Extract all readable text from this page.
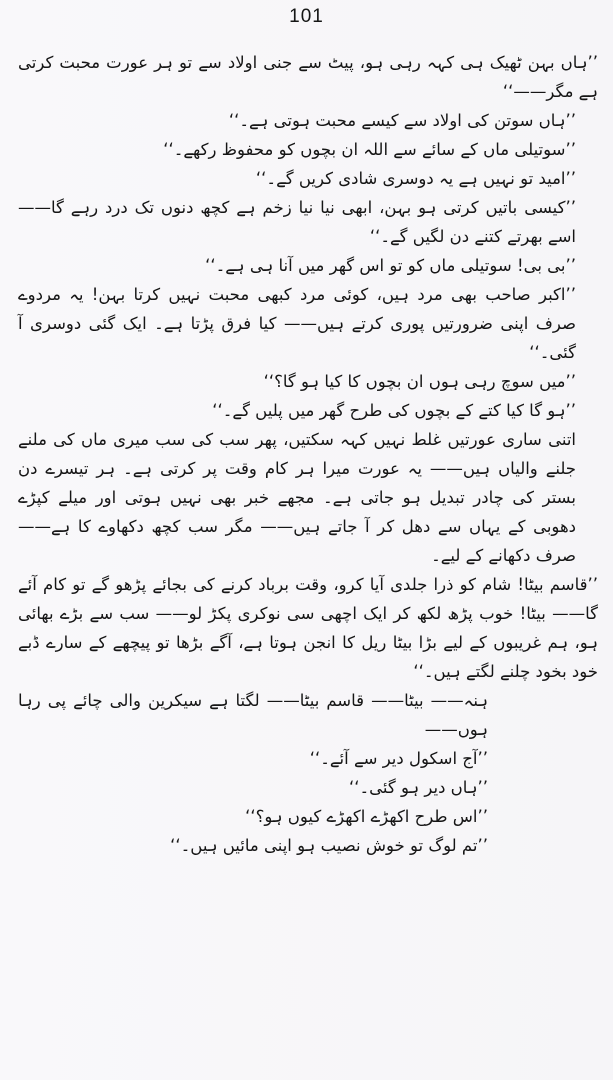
101

’’ہاں بہن ٹھیک ہی کہہ رہی ہو، پیٹ سے جنی اولاد سے تو ہر عورت محبت کرتی ہے مگر——‘‘

’’ہاں سوتن کی اولاد سے کیسے محبت ہوتی ہے۔‘‘

’’سوتیلی ماں کے سائے سے اللہ ان بچوں کو محفوظ رکھے۔‘‘

’’امید تو نہیں ہے یہ دوسری شادی کریں گے۔‘‘

’’کیسی باتیں کرتی ہو بہن، ابھی نیا نیا زخم ہے کچھ دنوں تک درد رہے گا—— اسے بھرتے کتنے دن لگیں گے۔‘‘

’’بی بی! سوتیلی ماں کو تو اس گھر میں آنا ہی ہے۔‘‘

’’اکبر صاحب بھی مرد ہیں، کوئی مرد کبھی محبت نہیں کرتا بہن! یہ مردوے صرف اپنی ضرورتیں پوری کرتے ہیں—— کیا فرق پڑتا ہے۔ ایک گئی دوسری آ گئی۔‘‘

’’میں سوچ رہی ہوں ان بچوں کا کیا ہو گا؟‘‘

’’ہو گا کیا کتے کے بچوں کی طرح گھر میں پلیں گے۔‘‘

اتنی ساری عورتیں غلط نہیں کہہ سکتیں، پھر سب کی سب میری ماں کی ملنے جلنے والیاں ہیں—— یہ عورت میرا ہر کام وقت پر کرتی ہے۔ ہر تیسرے دن بستر کی چادر تبدیل ہو جاتی ہے۔ مجھے خبر بھی نہیں ہوتی اور میلے کپڑے دھوبی کے یہاں سے دھل کر آ جاتے ہیں—— مگر سب کچھ دکھاوے کا ہے—— صرف دکھانے کے لیے۔

’’قاسم بیٹا! شام کو ذرا جلدی آیا کرو، وقت برباد کرنے کی بجائے پڑھو گے تو کام آئے گا—— بیٹا! خوب پڑھ لکھ کر ایک اچھی سی نوکری پکڑ لو—— سب سے بڑے بھائی ہو، ہم غریبوں کے لیے بڑا بیٹا ریل کا انجن ہوتا ہے، آگے بڑھا تو پیچھے کے سارے ڈبے خود بخود چلنے لگتے ہیں۔‘‘

ہنہ—— بیٹا—— قاسم بیٹا—— لگتا ہے سیکرین والی چائے پی رہا ہوں——

’’آج اسکول دیر سے آئے۔‘‘

’’ہاں دیر ہو گئی۔‘‘

’’اس طرح اکھڑے اکھڑے کیوں ہو؟‘‘

’’تم لوگ تو خوش نصیب ہو اپنی مائیں ہیں۔‘‘
